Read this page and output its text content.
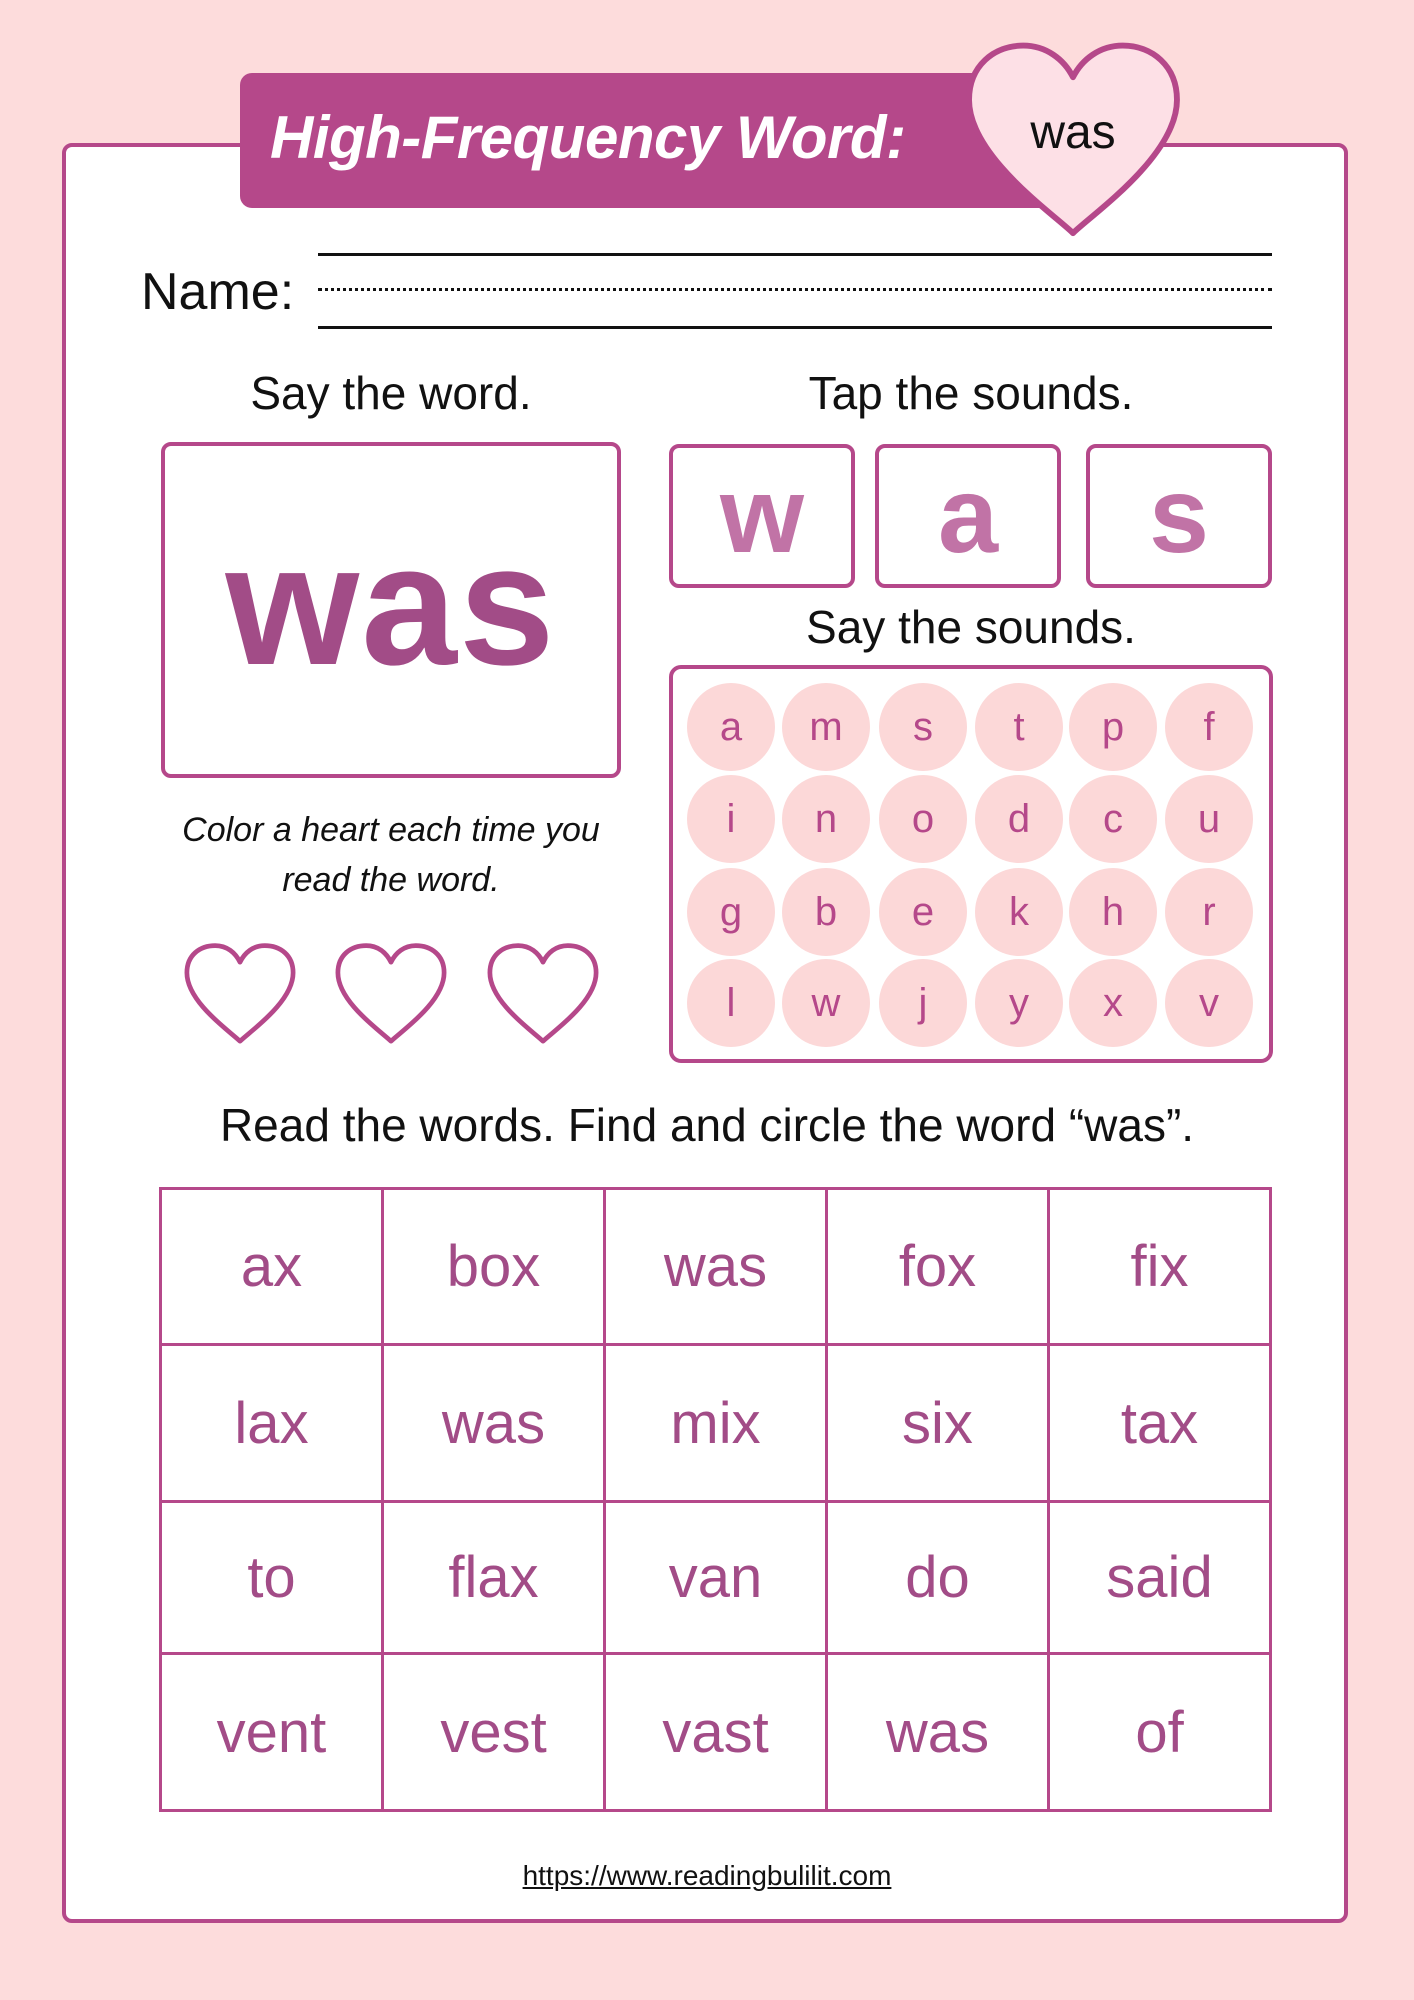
High-Frequency Word:	was
Name:
Say the word.
was
Tap the sounds.
w a s
Say the sounds.
a	m	s	t	p	f
i	n	o	d	c	u
g	b	e	k	h	r
l	w	j	y	x	v
Color a heart each time you
read the word.
Read the words. Find and circle the word “was”.
ax	box	was	fox	fix
lax	was	mix	six	tax
to	flax	van	do	said
vent	vest	vast	was	of
https://www.readingbulilit.com
